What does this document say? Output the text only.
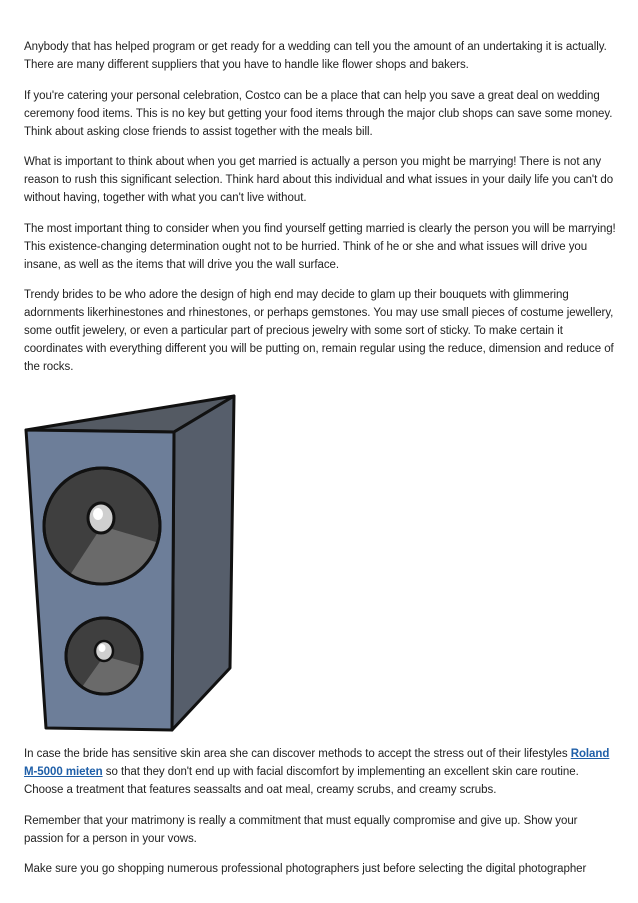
Anybody that has helped program or get ready for a wedding can tell you the amount of an undertaking it is actually. There are many different suppliers that you have to handle like flower shops and bakers.

If you're catering your personal celebration, Costco can be a place that can help you save a great deal on wedding ceremony food items. This is no key but getting your food items through the major club shops can save some money. Think about asking close friends to assist together with the meals bill.

What is important to think about when you get married is actually a person you might be marrying! There is not any reason to rush this significant selection. Think hard about this individual and what issues in your daily life you can't do without having, together with what you can't live without.

The most important thing to consider when you find yourself getting married is clearly the person you will be marrying! This existence-changing determination ought not to be hurried. Think of he or she and what issues will drive you insane, as well as the items that will drive you the wall surface.

Trendy brides to be who adore the design of high end may decide to glam up their bouquets with glimmering adornments likerhinestones and rhinestones, or perhaps gemstones. You may use small pieces of costume jewellery, some outfit jewelery, or even a particular part of precious jewelry with some sort of sticky. To make certain it coordinates with everything different you will be putting on, remain regular using the reduce, dimension and reduce of the rocks.

In case the bride has sensitive skin area she can discover methods to accept the stress out of their lifestyles Roland M-5000 mieten so that they don't end up with facial discomfort by implementing an excellent skin care routine. Choose a treatment that features seassalts and oat meal, creamy scrubs, and creamy scrubs.

Remember that your matrimony is really a commitment that must equally compromise and give up. Show your passion for a person in your vows.

Make sure you go shopping numerous professional photographers just before selecting the digital photographer
